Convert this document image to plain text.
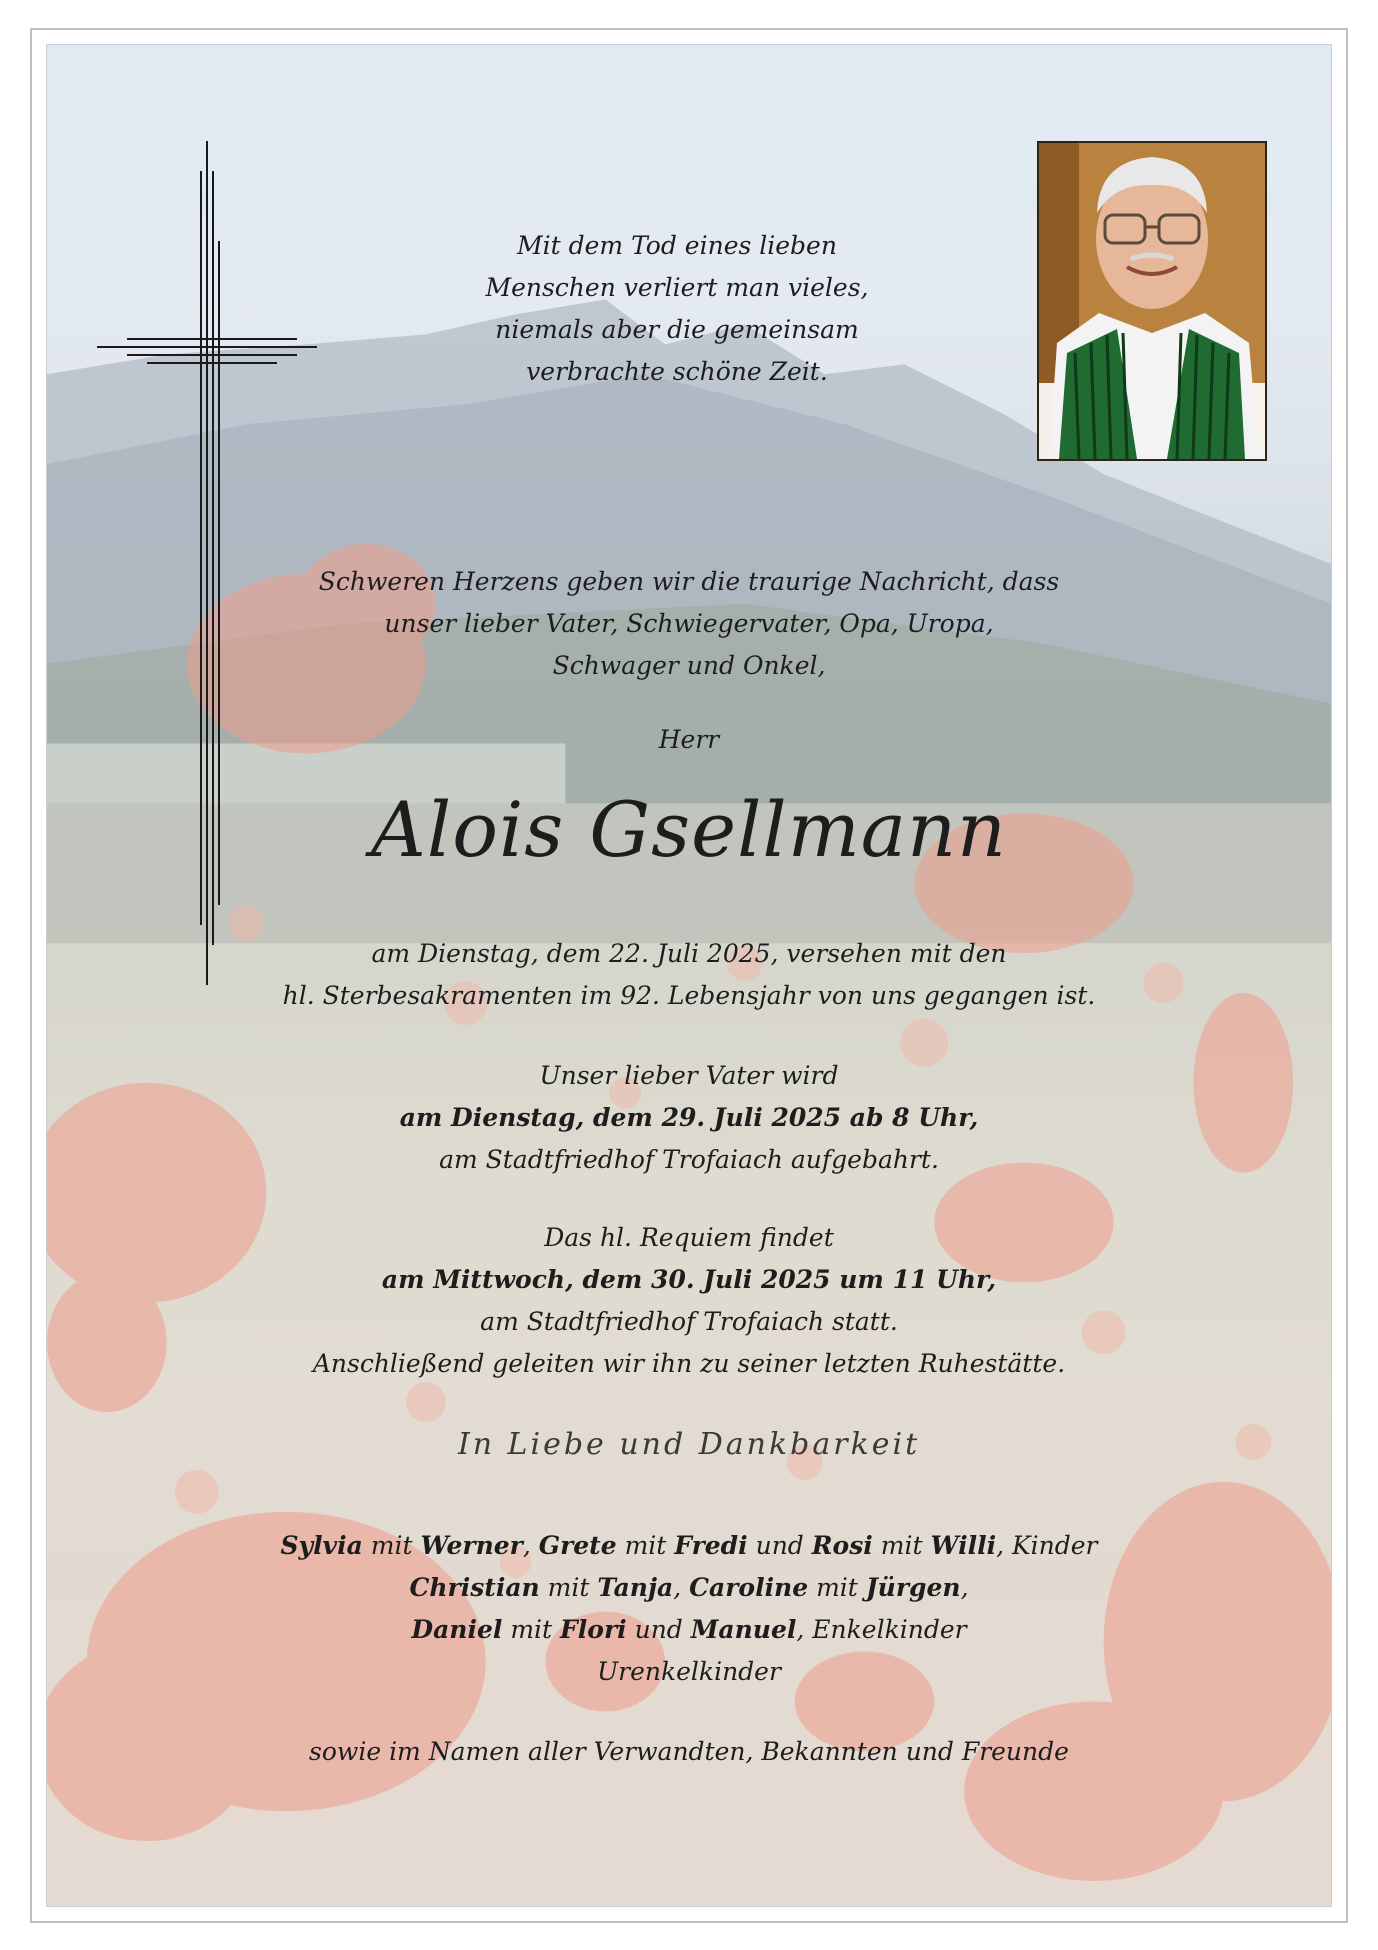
Mit dem Tod eines lieben
Menschen verliert man vieles,
niemals aber die gemeinsam
verbrachte schöne Zeit.
Schweren Herzens geben wir die traurige Nachricht, dass
unser lieber Vater, Schwiegervater, Opa, Uropa,
Schwager und Onkel,
Herr
Alois Gsellmann
am Dienstag, dem 22. Juli 2025, versehen mit den
hl. Sterbesakramenten im 92. Lebensjahr von uns gegangen ist.
Unser lieber Vater wird
am Dienstag, dem 29. Juli 2025 ab 8 Uhr,
am Stadtfriedhof Trofaiach aufgebahrt.
Das hl. Requiem findet
am Mittwoch, dem 30. Juli 2025 um 11 Uhr,
am Stadtfriedhof Trofaiach statt.
Anschließend geleiten wir ihn zu seiner letzten Ruhestätte.
In Liebe und Dankbarkeit
Sylvia mit Werner, Grete mit Fredi und Rosi mit Willi, Kinder
Christian mit Tanja, Caroline mit Jürgen,
Daniel mit Flori und Manuel, Enkelkinder
Urenkelkinder
sowie im Namen aller Verwandten, Bekannten und Freunde
